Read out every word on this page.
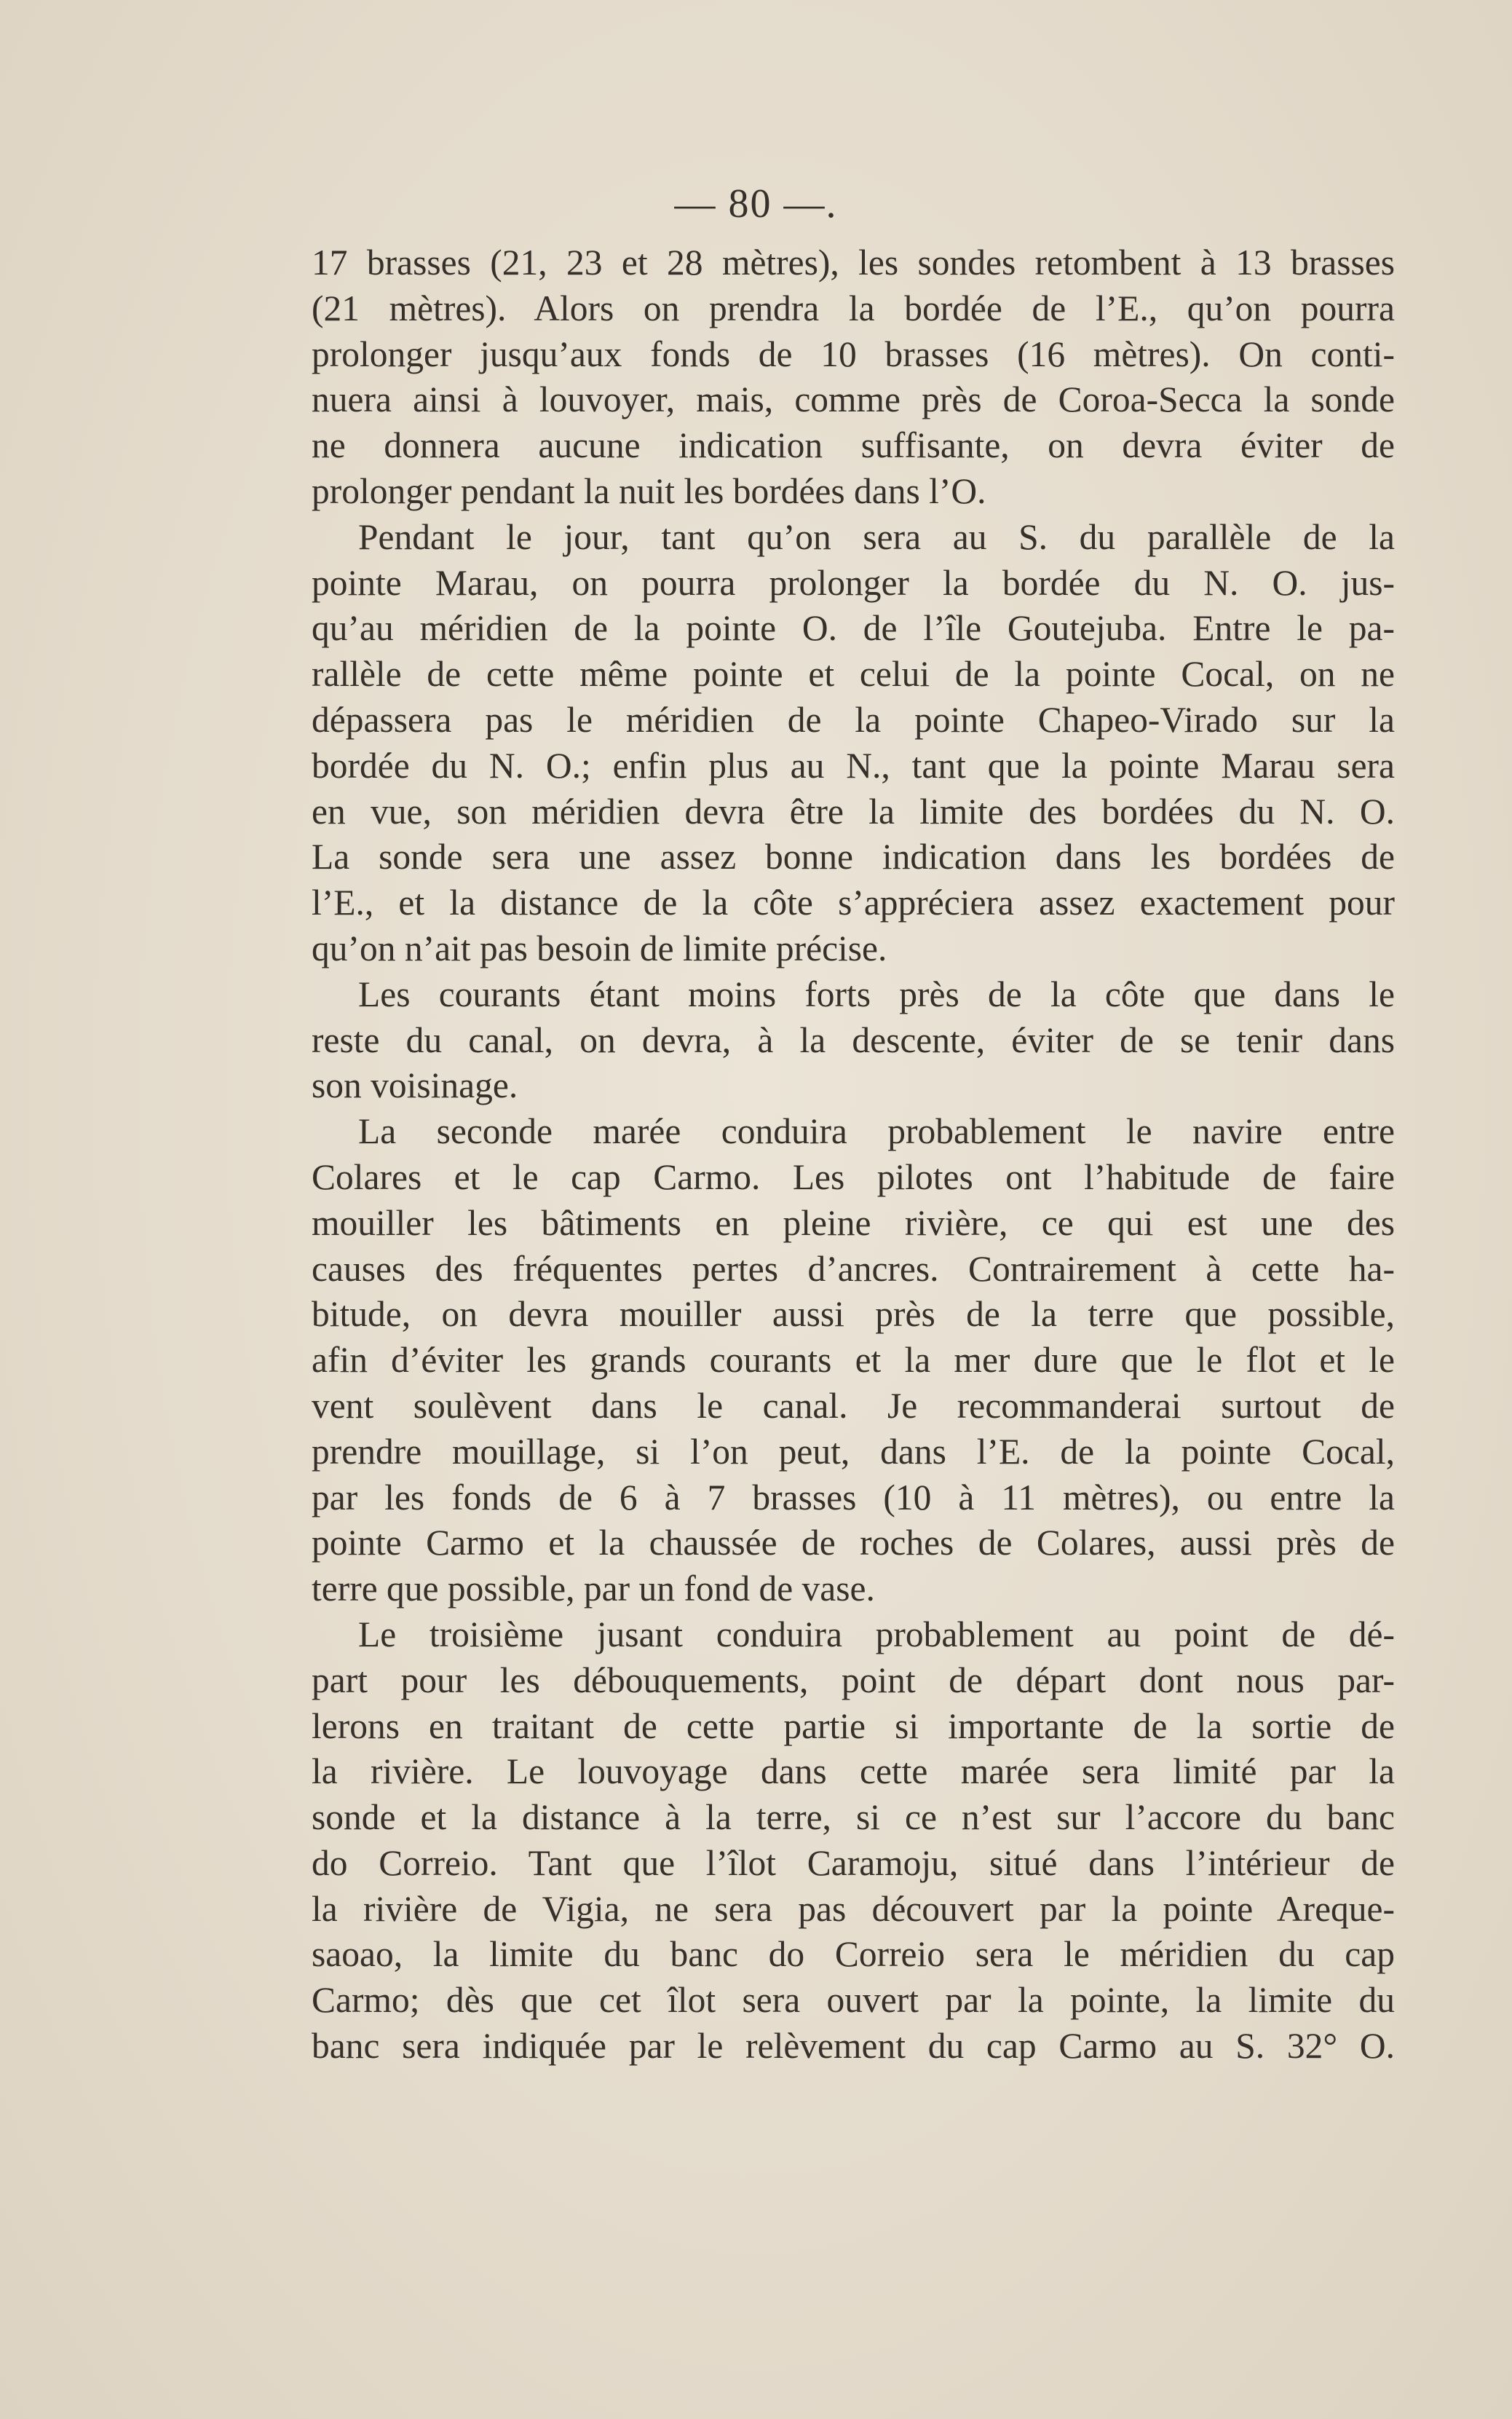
— 80 —.
17 brasses (21, 23 et 28 mètres), les sondes retombent à 13 brasses
(21 mètres). Alors on prendra la bordée de l’E., qu’on pourra
prolonger jusqu’aux fonds de 10 brasses (16 mètres). On conti-
nuera ainsi à louvoyer, mais, comme près de Coroa-Secca la sonde
ne donnera aucune indication suffisante, on devra éviter de
prolonger pendant la nuit les bordées dans l’O.
Pendant le jour, tant qu’on sera au S. du parallèle de la
pointe Marau, on pourra prolonger la bordée du N. O. jus-
qu’au méridien de la pointe O. de l’île Goutejuba. Entre le pa-
rallèle de cette même pointe et celui de la pointe Cocal, on ne
dépassera pas le méridien de la pointe Chapeo-Virado sur la
bordée du N. O.; enfin plus au N., tant que la pointe Marau sera
en vue, son méridien devra être la limite des bordées du N. O.
La sonde sera une assez bonne indication dans les bordées de
l’E., et la distance de la côte s’appréciera assez exactement pour
qu’on n’ait pas besoin de limite précise.
Les courants étant moins forts près de la côte que dans le
reste du canal, on devra, à la descente, éviter de se tenir dans
son voisinage.
La seconde marée conduira probablement le navire entre
Colares et le cap Carmo. Les pilotes ont l’habitude de faire
mouiller les bâtiments en pleine rivière, ce qui est une des
causes des fréquentes pertes d’ancres. Contrairement à cette ha-
bitude, on devra mouiller aussi près de la terre que possible,
afin d’éviter les grands courants et la mer dure que le flot et le
vent soulèvent dans le canal. Je recommanderai surtout de
prendre mouillage, si l’on peut, dans l’E. de la pointe Cocal,
par les fonds de 6 à 7 brasses (10 à 11 mètres), ou entre la
pointe Carmo et la chaussée de roches de Colares, aussi près de
terre que possible, par un fond de vase.
Le troisième jusant conduira probablement au point de dé-
part pour les débouquements, point de départ dont nous par-
lerons en traitant de cette partie si importante de la sortie de
la rivière. Le louvoyage dans cette marée sera limité par la
sonde et la distance à la terre, si ce n’est sur l’accore du banc
do Correio. Tant que l’îlot Caramoju, situé dans l’intérieur de
la rivière de Vigia, ne sera pas découvert par la pointe Areque-
saoao, la limite du banc do Correio sera le méridien du cap
Carmo; dès que cet îlot sera ouvert par la pointe, la limite du
banc sera indiquée par le relèvement du cap Carmo au S. 32° O.
